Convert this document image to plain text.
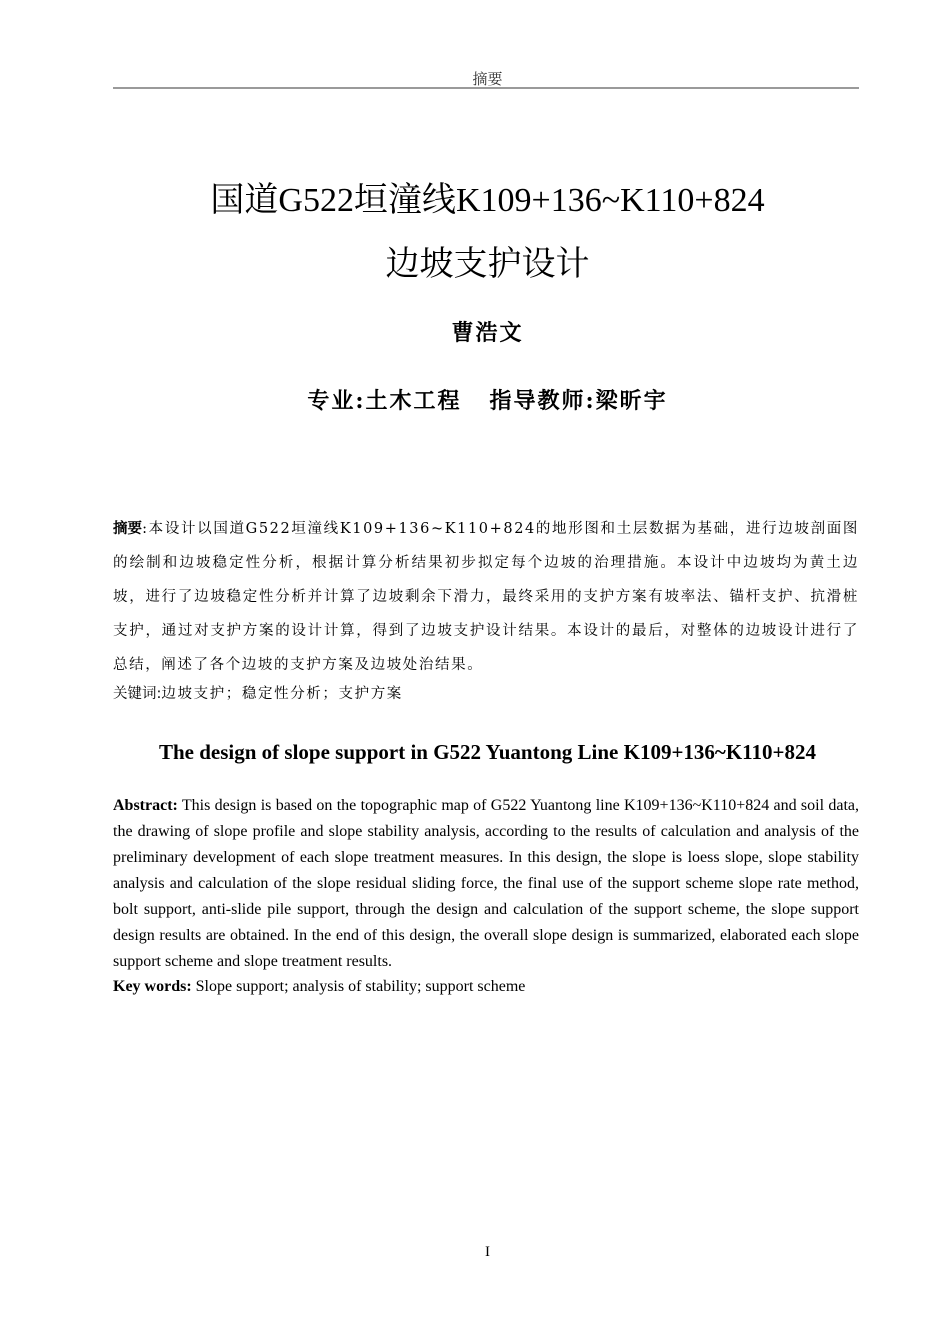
摘要
国道G522垣潼线K109+136~K110+824
边坡支护设计
曹浩文
专业:土木工程 指导教师:梁昕宇
摘要:本设计以国道G522垣潼线K109+136~K110+824的地形图和土层数据为基础，进行边坡剖面图的绘制和边坡稳定性分析，根据计算分析结果初步拟定每个边坡的治理措施。本设计中边坡均为黄土边坡，进行了边坡稳定性分析并计算了边坡剩余下滑力，最终采用的支护方案有坡率法、锚杆支护、抗滑桩支护，通过对支护方案的设计计算，得到了边坡支护设计结果。本设计的最后，对整体的边坡设计进行了总结，阐述了各个边坡的支护方案及边坡处治结果。
关键词:边坡支护；稳定性分析；支护方案
The design of slope support in G522 Yuantong Line K109+136~K110+824
Abstract: This design is based on the topographic map of G522 Yuantong line K109+136~K110+824 and soil data, the drawing of slope profile and slope stability analysis, according to the results of calculation and analysis of the preliminary development of each slope treatment measures. In this design, the slope is loess slope, slope stability analysis and calculation of the slope residual sliding force, the final use of the support scheme slope rate method, bolt support, anti-slide pile support, through the design and calculation of the support scheme, the slope support design results are obtained. In the end of this design, the overall slope design is summarized, elaborated each slope support scheme and slope treatment results.
Key words: Slope support; analysis of stability; support scheme
I
